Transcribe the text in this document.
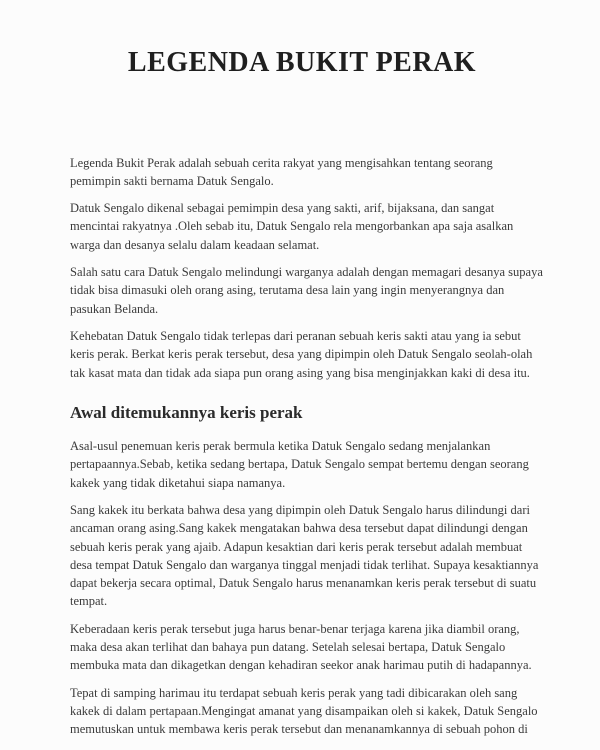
LEGENDA BUKIT PERAK

Legenda Bukit Perak adalah sebuah cerita rakyat yang mengisahkan tentang seorang pemimpin sakti bernama Datuk Sengalo.

Datuk Sengalo dikenal sebagai pemimpin desa yang sakti, arif, bijaksana, dan sangat mencintai rakyatnya .Oleh sebab itu, Datuk Sengalo rela mengorbankan apa saja asalkan warga dan desanya selalu dalam keadaan selamat.

Salah satu cara Datuk Sengalo melindungi warganya adalah dengan memagari desanya supaya tidak bisa dimasuki oleh orang asing, terutama desa lain yang ingin menyerangnya dan pasukan Belanda.

Kehebatan Datuk Sengalo tidak terlepas dari peranan sebuah keris sakti atau yang ia sebut keris perak. Berkat keris perak tersebut, desa yang dipimpin oleh Datuk Sengalo seolah-olah tak kasat mata dan tidak ada siapa pun orang asing yang bisa menginjakkan kaki di desa itu.

Awal ditemukannya keris perak

Asal-usul penemuan keris perak bermula ketika Datuk Sengalo sedang menjalankan pertapaannya.Sebab, ketika sedang bertapa, Datuk Sengalo sempat bertemu dengan seorang kakek yang tidak diketahui siapa namanya.

Sang kakek itu berkata bahwa desa yang dipimpin oleh Datuk Sengalo harus dilindungi dari ancaman orang asing.Sang kakek mengatakan bahwa desa tersebut dapat dilindungi dengan sebuah keris perak yang ajaib. Adapun kesaktian dari keris perak tersebut adalah membuat desa tempat Datuk Sengalo dan warganya tinggal menjadi tidak terlihat. Supaya kesaktiannya dapat bekerja secara optimal, Datuk Sengalo harus menanamkan keris perak tersebut di suatu tempat.

Keberadaan keris perak tersebut juga harus benar-benar terjaga karena jika diambil orang, maka desa akan terlihat dan bahaya pun datang. Setelah selesai bertapa, Datuk Sengalo membuka mata dan dikagetkan dengan kehadiran seekor anak harimau putih di hadapannya.

Tepat di samping harimau itu terdapat sebuah keris perak yang tadi dibicarakan oleh sang kakek di dalam pertapaan.Mengingat amanat yang disampaikan oleh si kakek, Datuk Sengalo memutuskan untuk membawa keris perak tersebut dan menanamkannya di sebuah pohon di
